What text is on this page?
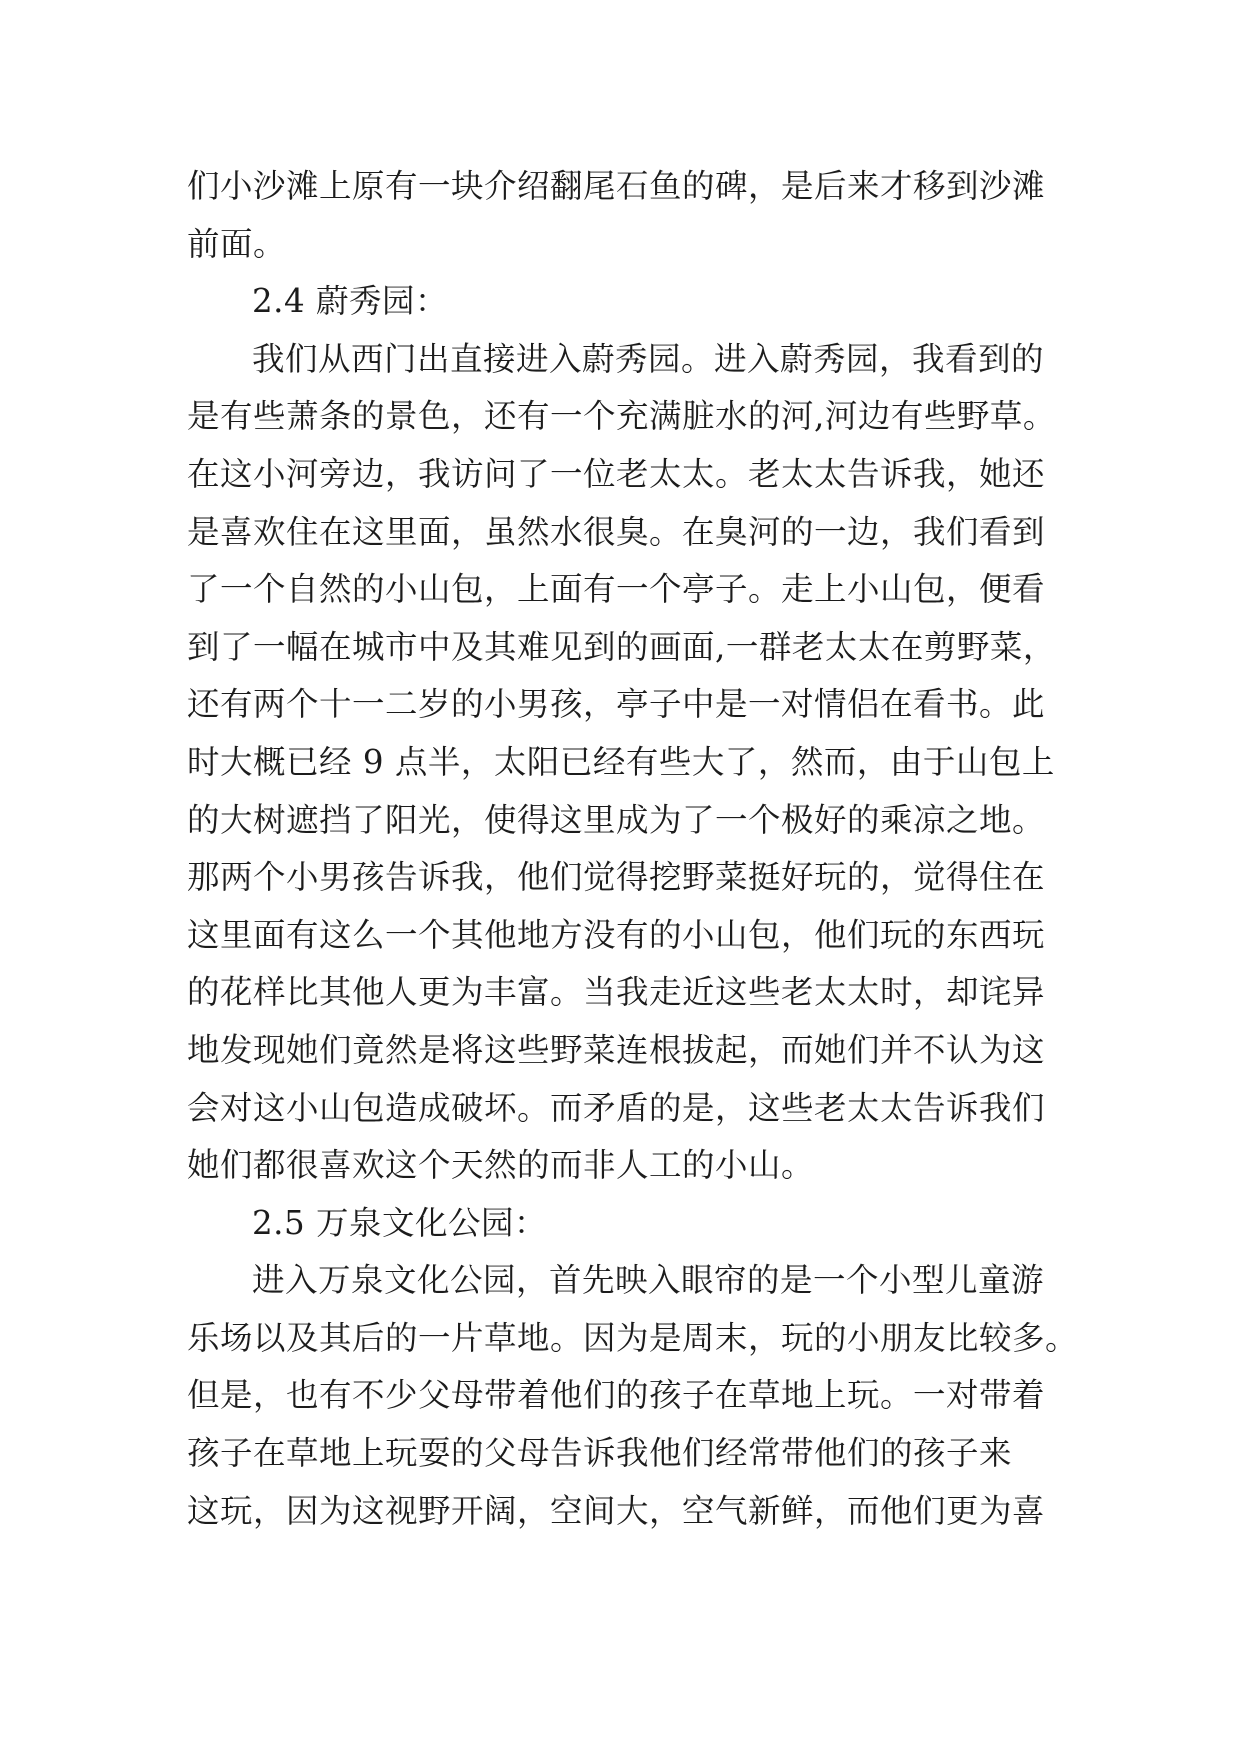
们小沙滩上原有一块介绍翻尾石鱼的碑，是后来才移到沙滩
前面。
2.4 蔚秀园：
我们从西门出直接进入蔚秀园。进入蔚秀园，我看到的
是有些萧条的景色，还有一个充满脏水的河,河边有些野草。
在这小河旁边，我访问了一位老太太。老太太告诉我，她还
是喜欢住在这里面，虽然水很臭。在臭河的一边，我们看到
了一个自然的小山包，上面有一个亭子。走上小山包，便看
到了一幅在城市中及其难见到的画面,一群老太太在剪野菜，
还有两个十一二岁的小男孩，亭子中是一对情侣在看书。此
时大概已经 9 点半，太阳已经有些大了，然而，由于山包上
的大树遮挡了阳光，使得这里成为了一个极好的乘凉之地。
那两个小男孩告诉我，他们觉得挖野菜挺好玩的，觉得住在
这里面有这么一个其他地方没有的小山包，他们玩的东西玩
的花样比其他人更为丰富。当我走近这些老太太时，却诧异
地发现她们竟然是将这些野菜连根拔起，而她们并不认为这
会对这小山包造成破坏。而矛盾的是，这些老太太告诉我们
她们都很喜欢这个天然的而非人工的小山。
2.5 万泉文化公园：
进入万泉文化公园，首先映入眼帘的是一个小型儿童游
乐场以及其后的一片草地。因为是周末，玩的小朋友比较多。
但是，也有不少父母带着他们的孩子在草地上玩。一对带着
孩子在草地上玩耍的父母告诉我他们经常带他们的孩子来
这玩，因为这视野开阔，空间大，空气新鲜，而他们更为喜
